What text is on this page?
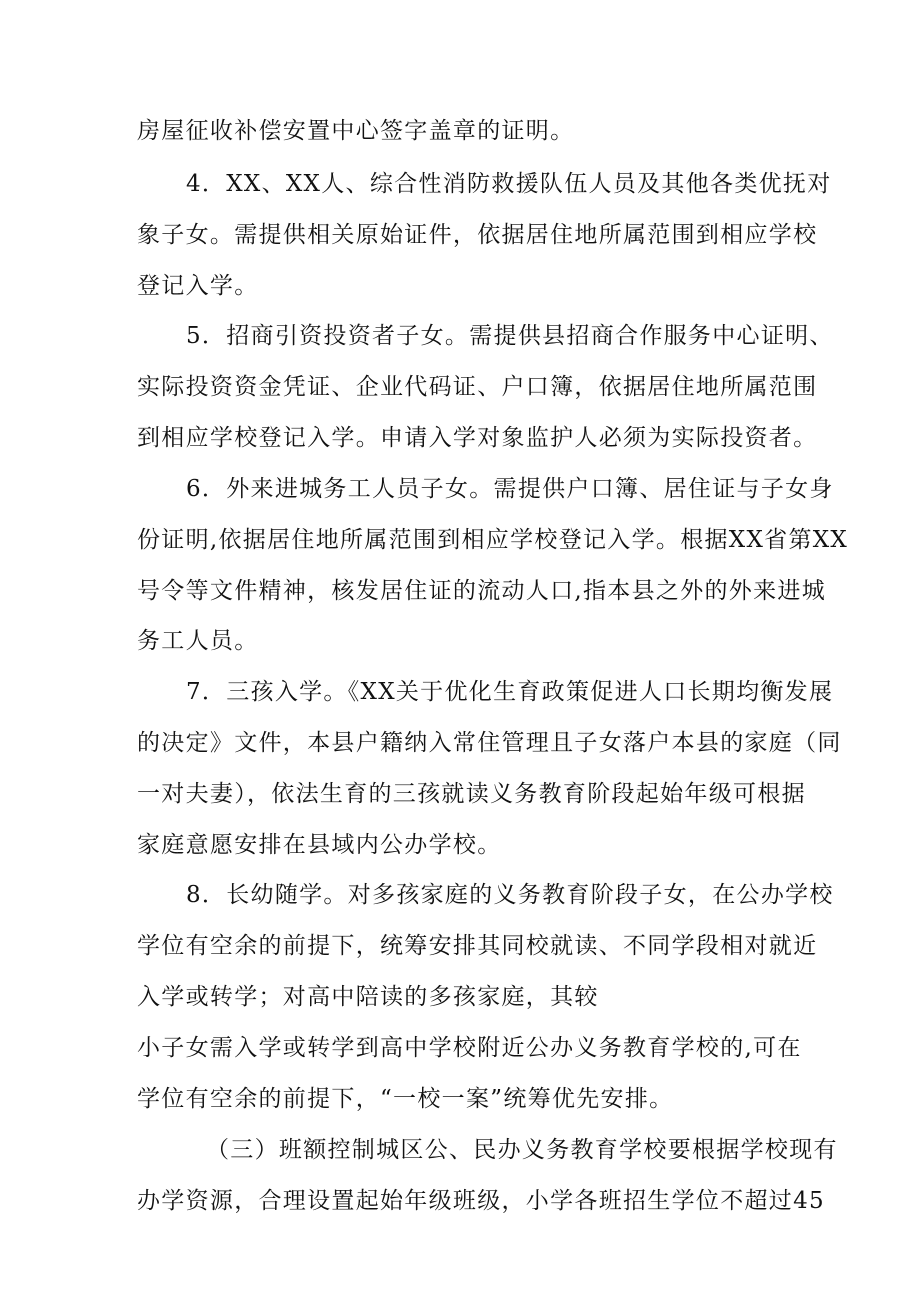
房屋征收补偿安置中心签字盖章的证明。
4．XX、XX人、综合性消防救援队伍人员及其他各类优抚对
象子女。需提供相关原始证件，依据居住地所属范围到相应学校
登记入学。
5．招商引资投资者子女。需提供县招商合作服务中心证明、
实际投资资金凭证、企业代码证、户口簿，依据居住地所属范围
到相应学校登记入学。申请入学对象监护人必须为实际投资者。
6．外来进城务工人员子女。需提供户口簿、居住证与子女身
份证明,依据居住地所属范围到相应学校登记入学。根据XX省第XX
号令等文件精神，核发居住证的流动人口,指本县之外的外来进城
务工人员。
7．三孩入学。《XX关于优化生育政策促进人口长期均衡发展
的决定》文件，本县户籍纳入常住管理且子女落户本县的家庭（同
一对夫妻），依法生育的三孩就读义务教育阶段起始年级可根据
家庭意愿安排在县域内公办学校。
8．长幼随学。对多孩家庭的义务教育阶段子女，在公办学校
学位有空余的前提下，统筹安排其同校就读、不同学段相对就近
入学或转学；对高中陪读的多孩家庭，其较
小子女需入学或转学到高中学校附近公办义务教育学校的,可在
学位有空余的前提下，“一校一案”统筹优先安排。
（三）班额控制城区公、民办义务教育学校要根据学校现有
办学资源，合理设置起始年级班级，小学各班招生学位不超过45
